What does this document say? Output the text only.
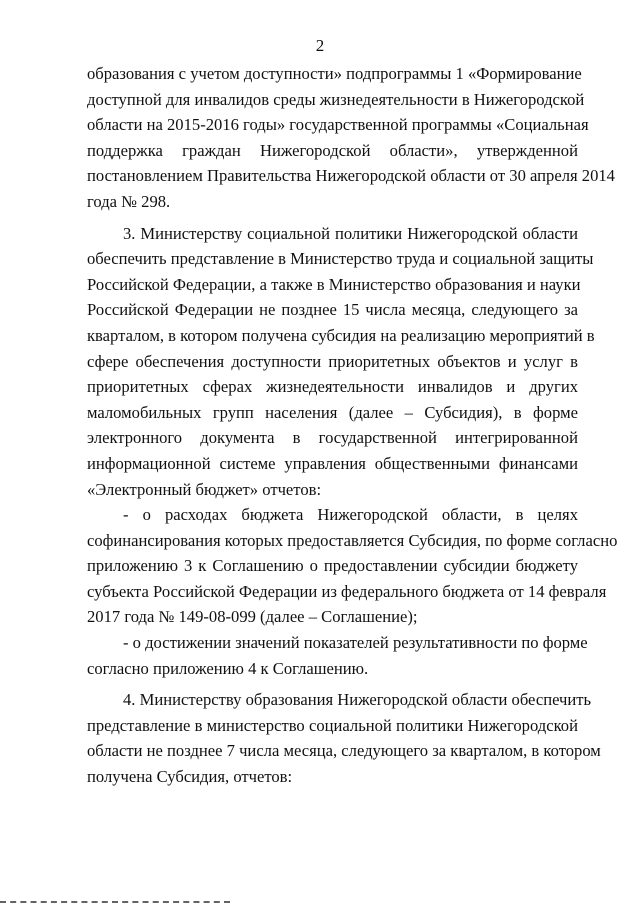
2
образования с учетом доступности» подпрограммы 1 «Формирование
доступной для инвалидов среды жизнедеятельности в Нижегородской
области на 2015-2016 годы» государственной программы «Социальная
поддержка граждан Нижегородской области», утвержденной
постановлением Правительства Нижегородской области от 30 апреля 2014
года № 298.
3. Министерству социальной политики Нижегородской области
обеспечить представление в Министерство труда и социальной защиты
Российской Федерации, а также в Министерство образования и науки
Российской Федерации не позднее 15 числа месяца, следующего за
кварталом, в котором получена субсидия на реализацию мероприятий в
сфере обеспечения доступности приоритетных объектов и услуг в
приоритетных сферах жизнедеятельности инвалидов и других
маломобильных групп населения (далее – Субсидия), в форме
электронного документа в государственной интегрированной
информационной системе управления общественными финансами
«Электронный бюджет» отчетов:
- о расходах бюджета Нижегородской области, в целях
софинансирования которых предоставляется Субсидия, по форме согласно
приложению 3 к Соглашению о предоставлении субсидии бюджету
субъекта Российской Федерации из федерального бюджета от 14 февраля
2017 года № 149-08-099 (далее – Соглашение);
- о достижении значений показателей результативности по форме
согласно приложению 4 к Соглашению.
4. Министерству образования Нижегородской области обеспечить
представление в министерство социальной политики Нижегородской
области не позднее 7 числа месяца, следующего за кварталом, в котором
получена Субсидия, отчетов:
